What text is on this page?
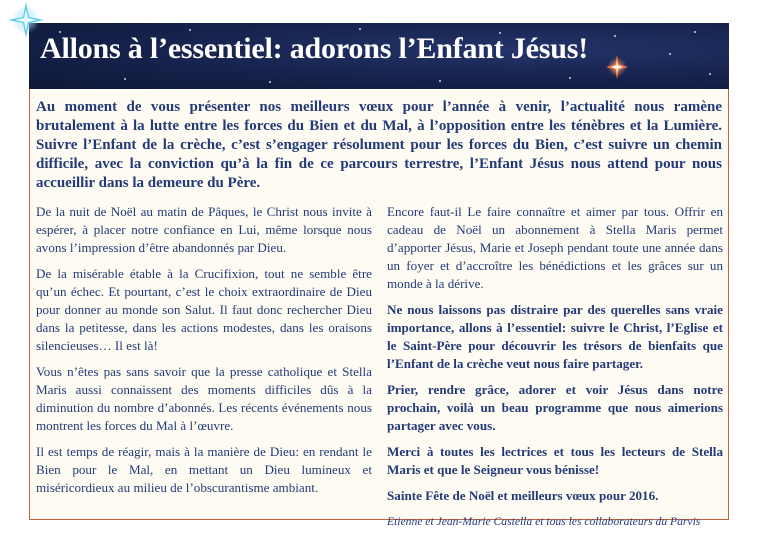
Allons à l’essentiel: adorons l’Enfant Jésus!

Au moment de vous présenter nos meilleurs vœux pour l’année à venir, l’actualité nous ramène brutalement à la lutte entre les forces du Bien et du Mal, à l’opposition entre les ténèbres et la Lumière. Suivre l’Enfant de la crèche, c’est s’engager résolument pour les forces du Bien, c’est suivre un chemin difficile, avec la conviction qu’à la fin de ce parcours terrestre, l’Enfant Jésus nous attend pour nous accueillir dans la demeure du Père.

De la nuit de Noël au matin de Pâques, le Christ nous invite à espérer, à placer notre confiance en Lui, même lorsque nous avons l’impression d’être abandonnés par Dieu.

De la misérable étable à la Crucifixion, tout ne semble être qu’un échec. Et pourtant, c’est le choix extraordinaire de Dieu pour donner au monde son Salut. Il faut donc rechercher Dieu dans la petitesse, dans les actions modestes, dans les oraisons silencieuses… Il est là!

Vous n’êtes pas sans savoir que la presse catholique et Stella Maris aussi connaissent des moments difficiles dûs à la diminution du nombre d’abonnés. Les récents événements nous montrent les forces du Mal à l’œuvre.

Il est temps de réagir, mais à la manière de Dieu: en rendant le Bien pour le Mal, en mettant un Dieu lumineux et miséricordieux au milieu de l’obscurantisme ambiant.

Encore faut-il Le faire connaître et aimer par tous. Offrir en cadeau de Noël un abonnement à Stella Maris permet d’apporter Jésus, Marie et Joseph pendant toute une année dans un foyer et d’accroître les bénédictions et les grâces sur un monde à la dérive.

Ne nous laissons pas distraire par des querelles sans vraie importance, allons à l’essentiel: suivre le Christ, l’Eglise et le Saint-Père pour découvrir les trésors de bienfaits que l’Enfant de la crèche veut nous faire partager.

Prier, rendre grâce, adorer et voir Jésus dans notre prochain, voilà un beau programme que nous aimerions partager avec vous.

Merci à toutes les lectrices et tous les lecteurs de Stella Maris et que le Seigneur vous bénisse!

Sainte Fête de Noël et meilleurs vœux pour 2016.

Etienne et Jean-Marie Castella et tous les collaborateurs du Parvis
